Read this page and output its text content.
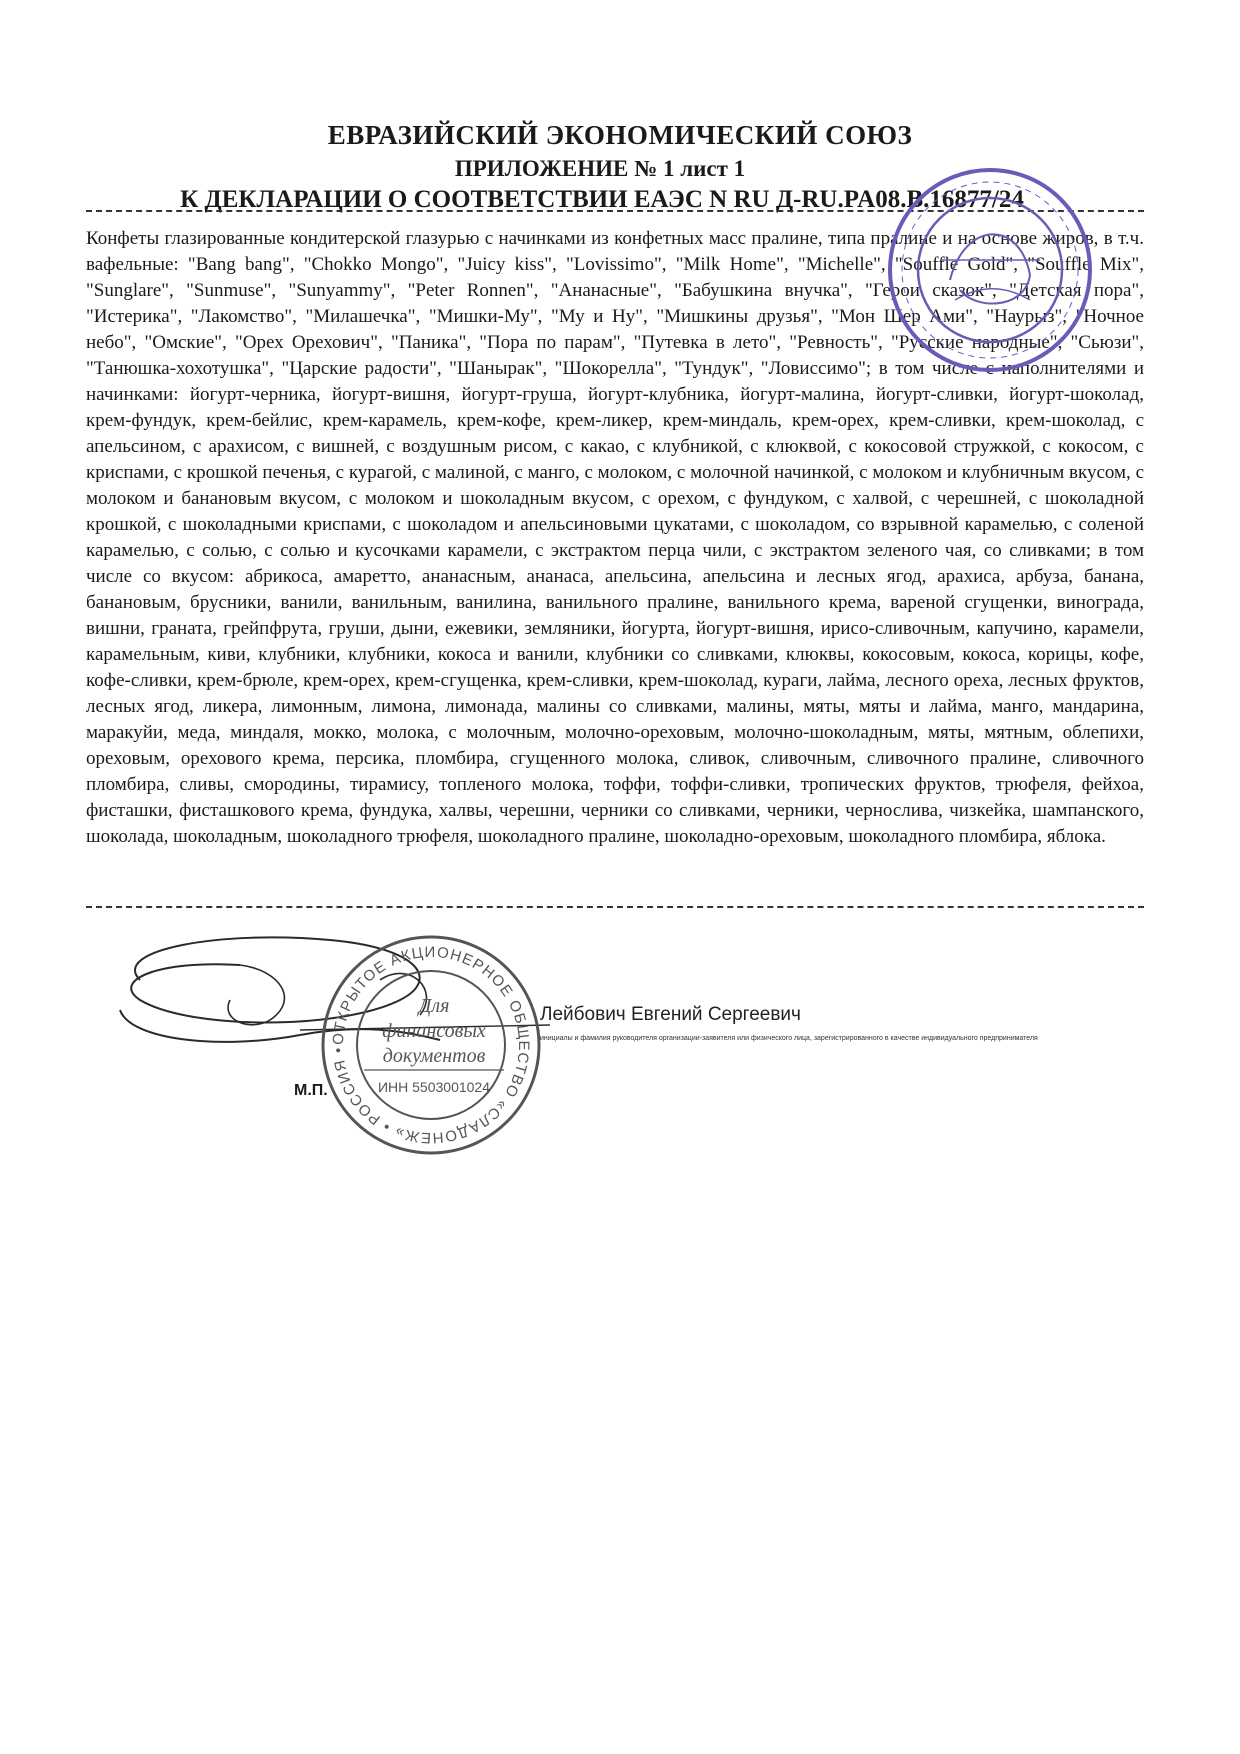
ЕВРАЗИЙСКИЙ ЭКОНОМИЧЕСКИЙ СОЮЗ
ПРИЛОЖЕНИЕ № 1 лист 1
К ДЕКЛАРАЦИИ О СООТВЕТСТВИИ ЕАЭС N RU Д-RU.PA08.B.16877/24
Конфеты глазированные кондитерской глазурью с начинками из конфетных масс пралине, типа пралине и на основе жиров, в т.ч. вафельные: "Bang bang", "Chokko Mongo", "Juicy kiss", "Lovissimo", "Milk Home", "Michelle", "Souffle Gold", "Souffle Mix", "Sunglare", "Sunmuse", "Sunyammy", "Peter Ronnen", "Ананасные", "Бабушкина внучка", "Герои сказок", "Детская пора", "Истерика", "Лакомство", "Милашечка", "Мишки-Му", "Му и Ну", "Мишкины друзья", "Мон Шер Ами", "Наурыз", "Ночное небо", "Омские", "Орех Орехович", "Паника", "Пора по парам", "Путевка в лето", "Ревность", "Русские народные", "Сьюзи", "Танюшка-хохотушка", "Царские радости", "Шанырак", "Шокорелла", "Тундук", "Ловиссимо"; в том числе с наполнителями и начинками: йогурт-черника, йогурт-вишня, йогурт-груша, йогурт-клубника, йогурт-малина, йогурт-сливки, йогурт-шоколад, крем-фундук, крем-бейлис, крем-карамель, крем-кофе, крем-ликер, крем-миндаль, крем-орех, крем-сливки, крем-шоколад, с апельсином, с арахисом, с вишней, с воздушным рисом, с какао, с клубникой, с клюквой, с кокосовой стружкой, с кокосом, с криспами, с крошкой печенья, с курагой, с малиной, с манго, с молоком, с молочной начинкой, с молоком и клубничным вкусом, с молоком и банановым вкусом, с молоком и шоколадным вкусом, с орехом, с фундуком, с халвой, с черешней, с шоколадной крошкой, с шоколадными криспами, с шоколадом и апельсиновыми цукатами, с шоколадом, со взрывной карамелью, с соленой карамелью, с солью, с солью и кусочками карамели, с экстрактом перца чили, с экстрактом зеленого чая, со сливками; в том числе со вкусом: абрикоса, амаретто, ананасным, ананаса, апельсина, апельсина и лесных ягод, арахиса, арбуза, банана, банановым, брусники, ванили, ванильным, ванилина, ванильного пралине, ванильного крема, вареной сгущенки, винограда, вишни, граната, грейпфрута, груши, дыни, ежевики, земляники, йогурта, йогурт-вишня, ирисо-сливочным, капучино, карамели, карамельным, киви, клубники, клубники, кокоса и ванили, клубники со сливками, клюквы, кокосовым, кокоса, корицы, кофе, кофе-сливки, крем-брюле, крем-орех, крем-сгущенка, крем-сливки, крем-шоколад, кураги, лайма, лесного ореха, лесных фруктов, лесных ягод, ликера, лимонным, лимона, лимонада, малины со сливками, малины, мяты, мяты и лайма, манго, мандарина, маракуйи, меда, миндаля, мокко, молока, с молочным, молочно-ореховым, молочно-шоколадным, мяты, мятным, облепихи, ореховым, орехового крема, персика, пломбира, сгущенного молока, сливок, сливочным, сливочного пралине, сливочного пломбира, сливы, смородины, тирамису, топленого молока, тоффи, тоффи-сливки, тропических фруктов, трюфеля, фейхоа, фисташки, фисташкового крема, фундука, халвы, черешни, черники со сливками, черники, чернослива, чизкейка, шампанского, шоколада, шоколадным, шоколадного трюфеля, шоколадного пралине, шоколадно-ореховым, шоколадного пломбира, яблока.
ОТКРЫТОЕ АКЦИОНЕРНОЕ ОБЩЕСТВО «СЛАДОНЕЖ» • РОССИЯ • • • ОМСК •
Для
финансовых
документов
ИНН 5503001024
Лейбович Евгений Сергеевич
инициалы и фамилия руководителя организации-заявителя или физического лица, зарегистрированного в качестве индивидуального предпринимателя
М.П.
